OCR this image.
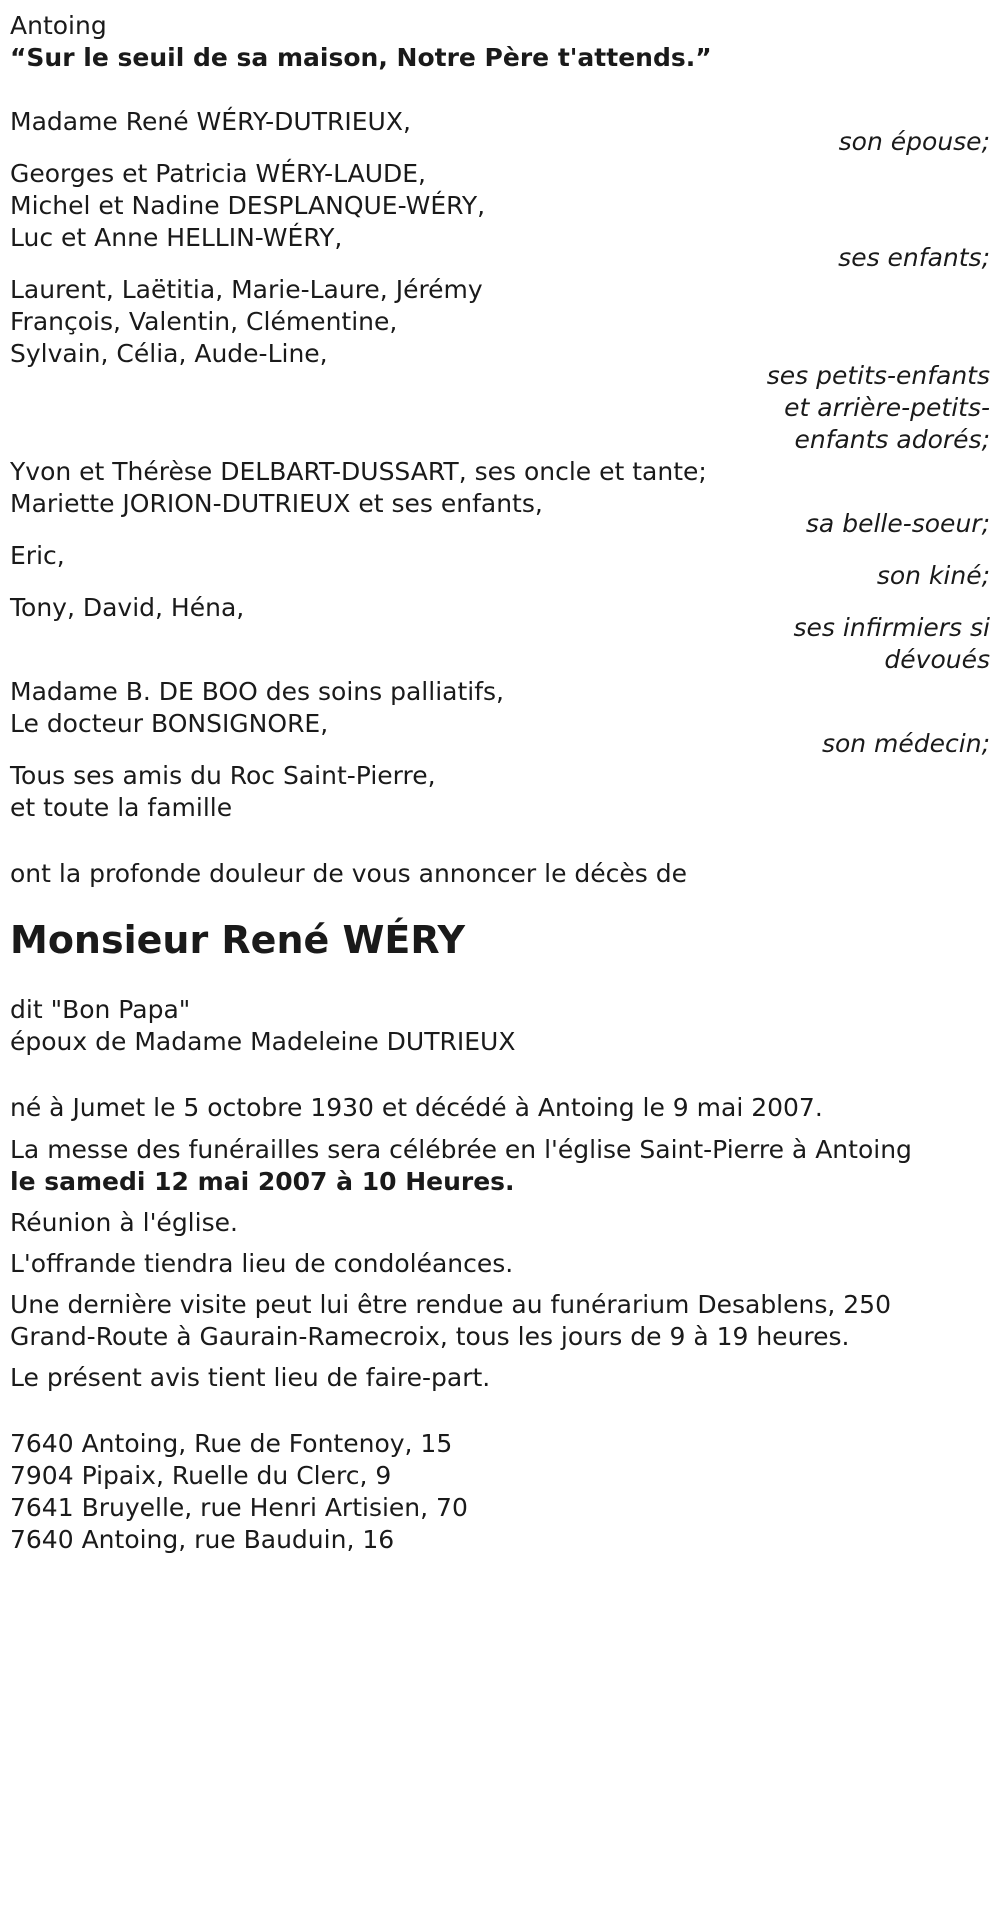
Antoing
“Sur le seuil de sa maison, Notre Père t'attends.”
Madame René WÉRY-DUTRIEUX,
son épouse;
Georges et Patricia WÉRY-LAUDE,
Michel et Nadine DESPLANQUE-WÉRY,
Luc et Anne HELLIN-WÉRY,
ses enfants;
Laurent, Laëtitia, Marie-Laure, Jérémy
François, Valentin, Clémentine,
Sylvain, Célia, Aude-Line,
ses petits-enfants
et arrière-petits-
enfants adorés;
Yvon et Thérèse DELBART-DUSSART, ses oncle et tante;
Mariette JORION-DUTRIEUX et ses enfants,
sa belle-soeur;
Eric,
son kiné;
Tony, David, Héna,
ses infirmiers si
dévoués
Madame B. DE BOO des soins palliatifs,
Le docteur BONSIGNORE,
son médecin;
Tous ses amis du Roc Saint-Pierre,
et toute la famille
ont la profonde douleur de vous annoncer le décès de
Monsieur René WÉRY
dit "Bon Papa"
époux de Madame Madeleine DUTRIEUX
né à Jumet le 5 octobre 1930 et décédé à Antoing le 9 mai 2007.
La messe des funérailles sera célébrée en l'église Saint-Pierre à Antoing
le samedi 12 mai 2007 à 10 Heures.
Réunion à l'église.
L'offrande tiendra lieu de condoléances.
Une dernière visite peut lui être rendue au funérarium Desablens, 250
Grand-Route à Gaurain-Ramecroix, tous les jours de 9 à 19 heures.
Le présent avis tient lieu de faire-part.
7640 Antoing, Rue de Fontenoy, 15
7904 Pipaix, Ruelle du Clerc, 9
7641 Bruyelle, rue Henri Artisien, 70
7640 Antoing, rue Bauduin, 16
